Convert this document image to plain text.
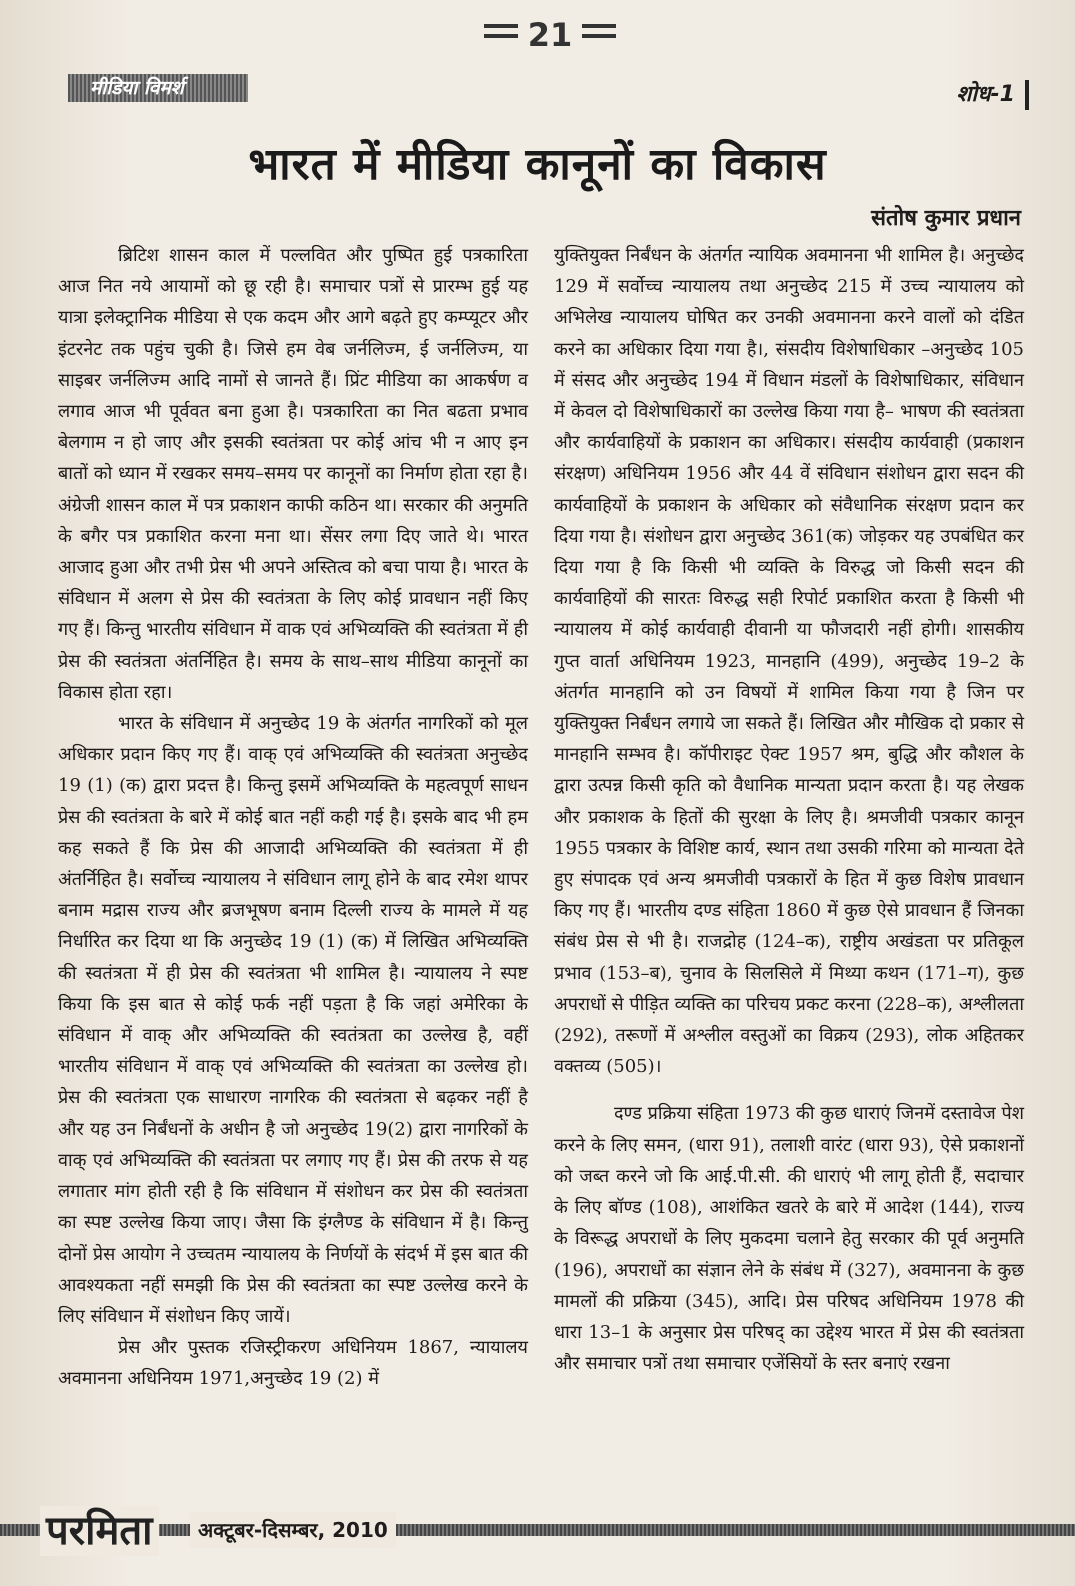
21
मीडिया विमर्श	शोध-1
भारत में मीडिया कानूनों का विकास
संतोष कुमार प्रधान

ब्रिटिश शासन काल में पल्लवित और पुष्पित हुई पत्रकारिता आज नित नये आयामों को छू रही है। समाचार पत्रों से प्रारम्भ हुई यह यात्रा इलेक्ट्रानिक मीडिया से एक कदम और आगे बढ़ते हुए कम्प्यूटर और इंटरनेट तक पहुंच चुकी है। जिसे हम वेब जर्नलिज्म, ई जर्नलिज्म, या साइबर जर्नलिज्म आदि नामों से जानते हैं। प्रिंट मीडिया का आकर्षण व लगाव आज भी पूर्ववत बना हुआ है। पत्रकारिता का नित बढता प्रभाव बेलगाम न हो जाए और इसकी स्वतंत्रता पर कोई आंच भी न आए इन बातों को ध्यान में रखकर समय–समय पर कानूनों का निर्माण होता रहा है। अंग्रेजी शासन काल में पत्र प्रकाशन काफी कठिन था। सरकार की अनुमति के बगैर पत्र प्रकाशित करना मना था। सेंसर लगा दिए जाते थे। भारत आजाद हुआ और तभी प्रेस भी अपने अस्तित्व को बचा पाया है। भारत के संविधान में अलग से प्रेस की स्वतंत्रता के लिए कोई प्रावधान नहीं किए गए हैं। किन्तु भारतीय संविधान में वाक एवं अभिव्यक्ति की स्वतंत्रता में ही प्रेस की स्वतंत्रता अंतर्निहित है। समय के साथ–साथ मीडिया कानूनों का विकास होता रहा।

भारत के संविधान में अनुच्छेद 19 के अंतर्गत नागरिकों को मूल अधिकार प्रदान किए गए हैं। वाक् एवं अभिव्यक्ति की स्वतंत्रता अनुच्छेद 19 (1) (क) द्वारा प्रदत्त है। किन्तु इसमें अभिव्यक्ति के महत्वपूर्ण साधन प्रेस की स्वतंत्रता के बारे में कोई बात नहीं कही गई है। इसके बाद भी हम कह सकते हैं कि प्रेस की आजादी अभिव्यक्ति की स्वतंत्रता में ही अंतर्निहित है। सर्वोच्च न्यायालय ने संविधान लागू होने के बाद रमेश थापर बनाम मद्रास राज्य और ब्रजभूषण बनाम दिल्ली राज्य के मामले में यह निर्धारित कर दिया था कि अनुच्छेद 19 (1) (क) में लिखित अभिव्यक्ति की स्वतंत्रता में ही प्रेस की स्वतंत्रता भी शामिल है। न्यायालय ने स्पष्ट किया कि इस बात से कोई फर्क नहीं पड़ता है कि जहां अमेरिका के संविधान में वाक् और अभिव्यक्ति की स्वतंत्रता का उल्लेख है, वहीं भारतीय संविधान में वाक् एवं अभिव्यक्ति की स्वतंत्रता का उल्लेख हो। प्रेस की स्वतंत्रता एक साधारण नागरिक की स्वतंत्रता से बढ़कर नहीं है और यह उन निर्बंधनों के अधीन है जो अनुच्छेद 19(2) द्वारा नागरिकों के वाक् एवं अभिव्यक्ति की स्वतंत्रता पर लगाए गए हैं। प्रेस की तरफ से यह लगातार मांग होती रही है कि संविधान में संशोधन कर प्रेस की स्वतंत्रता का स्पष्ट उल्लेख किया जाए। जैसा कि इंग्लैण्ड के संविधान में है। किन्तु दोनों प्रेस आयोग ने उच्चतम न्यायालय के निर्णयों के संदर्भ में इस बात की आवश्यकता नहीं समझी कि प्रेस की स्वतंत्रता का स्पष्ट उल्लेख करने के लिए संविधान में संशोधन किए जायें।

प्रेस और पुस्तक रजिस्ट्रीकरण अधिनियम 1867, न्यायालय अवमानना अधिनियम 1971,अनुच्छेद 19 (2) में

युक्तियुक्त निर्बंधन के अंतर्गत न्यायिक अवमानना भी शामिल है। अनुच्छेद 129 में सर्वोच्च न्यायालय तथा अनुच्छेद 215 में उच्च न्यायालय को अभिलेख न्यायालय घोषित कर उनकी अवमानना करने वालों को दंडित करने का अधिकार दिया गया है।, संसदीय विशेषाधिकार –अनुच्छेद 105 में संसद और अनुच्छेद 194 में विधान मंडलों के विशेषाधिकार, संविधान में केवल दो विशेषाधिकारों का उल्लेख किया गया है– भाषण की स्वतंत्रता और कार्यवाहियों के प्रकाशन का अधिकार। संसदीय कार्यवाही (प्रकाशन संरक्षण) अधिनियम 1956 और 44 वें संविधान संशोधन द्वारा सदन की कार्यवाहियों के प्रकाशन के अधिकार को संवैधानिक संरक्षण प्रदान कर दिया गया है। संशोधन द्वारा अनुच्छेद 361(क) जोड़कर यह उपबंधित कर दिया गया है कि किसी भी व्यक्ति के विरुद्ध जो किसी सदन की कार्यवाहियों की सारतः विरुद्ध सही रिपोर्ट प्रकाशित करता है किसी भी न्यायालय में कोई कार्यवाही दीवानी या फौजदारी नहीं होगी। शासकीय गुप्त वार्ता अधिनियम 1923, मानहानि (499), अनुच्छेद 19–2 के अंतर्गत मानहानि को उन विषयों में शामिल किया गया है जिन पर युक्तियुक्त निर्बंधन लगाये जा सकते हैं। लिखित और मौखिक दो प्रकार से मानहानि सम्भव है। कॉपीराइट ऐक्ट 1957 श्रम, बुद्धि और कौशल के द्वारा उत्पन्न किसी कृति को वैधानिक मान्यता प्रदान करता है। यह लेखक और प्रकाशक के हितों की सुरक्षा के लिए है। श्रमजीवी पत्रकार कानून 1955 पत्रकार के विशिष्ट कार्य, स्थान तथा उसकी गरिमा को मान्यता देते हुए संपादक एवं अन्य श्रमजीवी पत्रकारों के हित में कुछ विशेष प्रावधान किए गए हैं। भारतीय दण्ड संहिता 1860 में कुछ ऐसे प्रावधान हैं जिनका संबंध प्रेस से भी है। राजद्रोह (124–क), राष्ट्रीय अखंडता पर प्रतिकूल प्रभाव (153–ब), चुनाव के सिलसिले में मिथ्या कथन (171–ग), कुछ अपराधों से पीड़ित व्यक्ति का परिचय प्रकट करना (228–क), अश्लीलता (292), तरूणों में अश्लील वस्तुओं का विक्रय (293), लोक अहितकर वक्तव्य (505)।

दण्ड प्रक्रिया संहिता 1973 की कुछ धाराएं जिनमें दस्तावेज पेश करने के लिए समन, (धारा 91), तलाशी वारंट (धारा 93), ऐसे प्रकाशनों को जब्त करने जो कि आई.पी.सी. की धाराएं भी लागू होती हैं, सदाचार के लिए बॉण्ड (108), आशंकित खतरे के बारे में आदेश (144), राज्य के विरूद्ध अपराधों के लिए मुकदमा चलाने हेतु सरकार की पूर्व अनुमति (196), अपराधों का संज्ञान लेने के संबंध में (327), अवमानना के कुछ मामलों की प्रक्रिया (345), आदि। प्रेस परिषद अधिनियम 1978 की धारा 13–1 के अनुसार प्रेस परिषद् का उद्देश्य भारत में प्रेस की स्वतंत्रता और समाचार पत्रों तथा समाचार एजेंसियों के स्तर बनाएं रखना

परमिता	अक्टूबर-दिसम्बर, 2010
